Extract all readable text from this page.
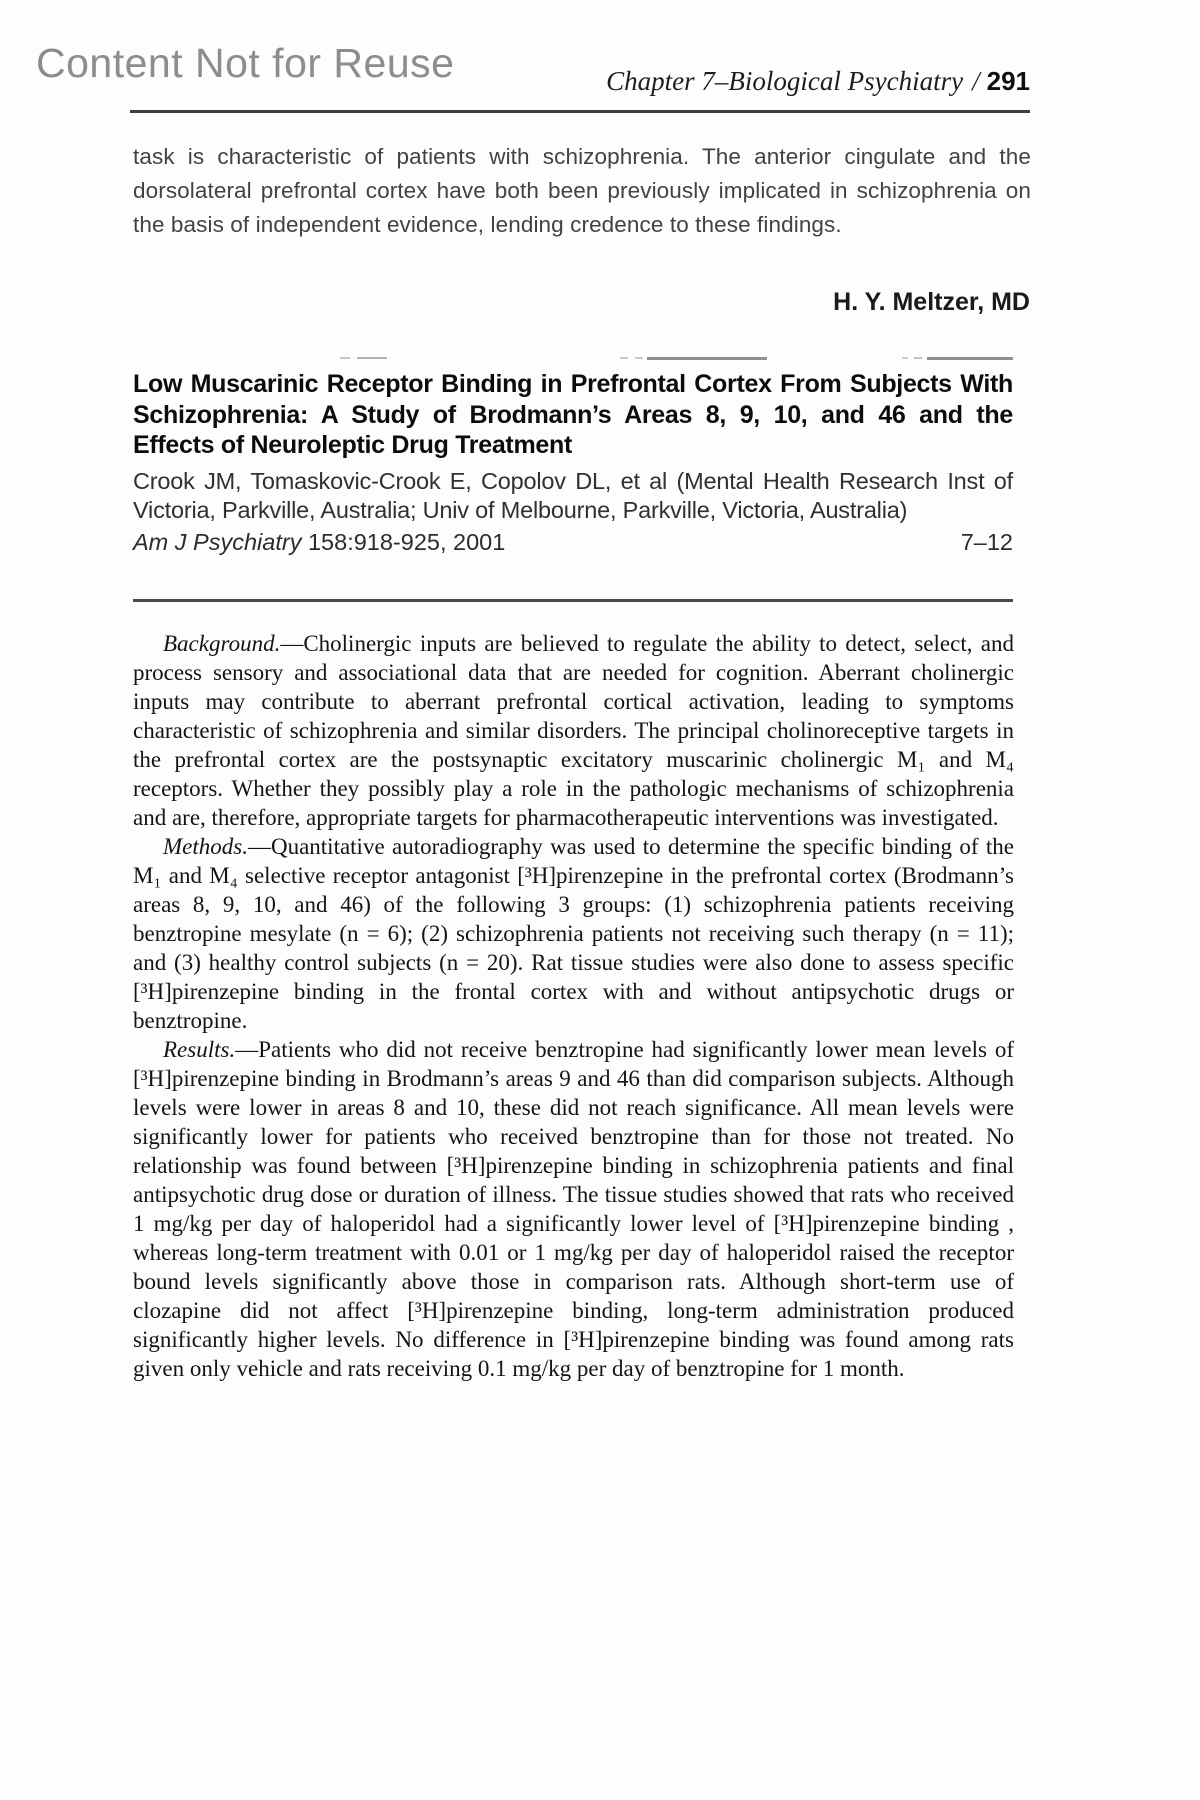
Content Not for Reuse	Chapter 7–Biological Psychiatry / 291
task is characteristic of patients with schizophrenia. The anterior cingulate and the dorsolateral prefrontal cortex have both been previously implicated in schizophrenia on the basis of independent evidence, lending credence to these findings.
H. Y. Meltzer, MD
Low Muscarinic Receptor Binding in Prefrontal Cortex From Subjects With Schizophrenia: A Study of Brodmann’s Areas 8, 9, 10, and 46 and the Effects of Neuroleptic Drug Treatment
Crook JM, Tomaskovic-Crook E, Copolov DL, et al (Mental Health Research Inst of Victoria, Parkville, Australia; Univ of Melbourne, Parkville, Victoria, Australia)
Am J Psychiatry 158:918-925, 2001	7–12

Background.—Cholinergic inputs are believed to regulate the ability to detect, select, and process sensory and associational data that are needed for cognition. Aberrant cholinergic inputs may contribute to aberrant prefrontal cortical activation, leading to symptoms characteristic of schizophrenia and similar disorders. The principal cholinoreceptive targets in the prefrontal cortex are the postsynaptic excitatory muscarinic cholinergic M₁ and M₄ receptors. Whether they possibly play a role in the pathologic mechanisms of schizophrenia and are, therefore, appropriate targets for pharmacotherapeutic interventions was investigated.

Methods.—Quantitative autoradiography was used to determine the specific binding of the M₁ and M₄ selective receptor antagonist [³H]pirenzepine in the prefrontal cortex (Brodmann’s areas 8, 9, 10, and 46) of the following 3 groups: (1) schizophrenia patients receiving benztropine mesylate (n = 6); (2) schizophrenia patients not receiving such therapy (n = 11); and (3) healthy control subjects (n = 20). Rat tissue studies were also done to assess specific [³H]pirenzepine binding in the frontal cortex with and without antipsychotic drugs or benztropine.

Results.—Patients who did not receive benztropine had significantly lower mean levels of [³H]pirenzepine binding in Brodmann’s areas 9 and 46 than did comparison subjects. Although levels were lower in areas 8 and 10, these did not reach significance. All mean levels were significantly lower for patients who received benztropine than for those not treated. No relationship was found between [³H]pirenzepine binding in schizophrenia patients and final antipsychotic drug dose or duration of illness. The tissue studies showed that rats who received 1 mg/kg per day of haloperidol had a significantly lower level of [³H]pirenzepine binding , whereas long-term treatment with 0.01 or 1 mg/kg per day of haloperidol raised the receptor bound levels significantly above those in comparison rats. Although short-term use of clozapine did not affect [³H]pirenzepine binding, long-term administration produced significantly higher levels. No difference in [³H]pirenzepine binding was found among rats given only vehicle and rats receiving 0.1 mg/kg per day of benztropine for 1 month.
